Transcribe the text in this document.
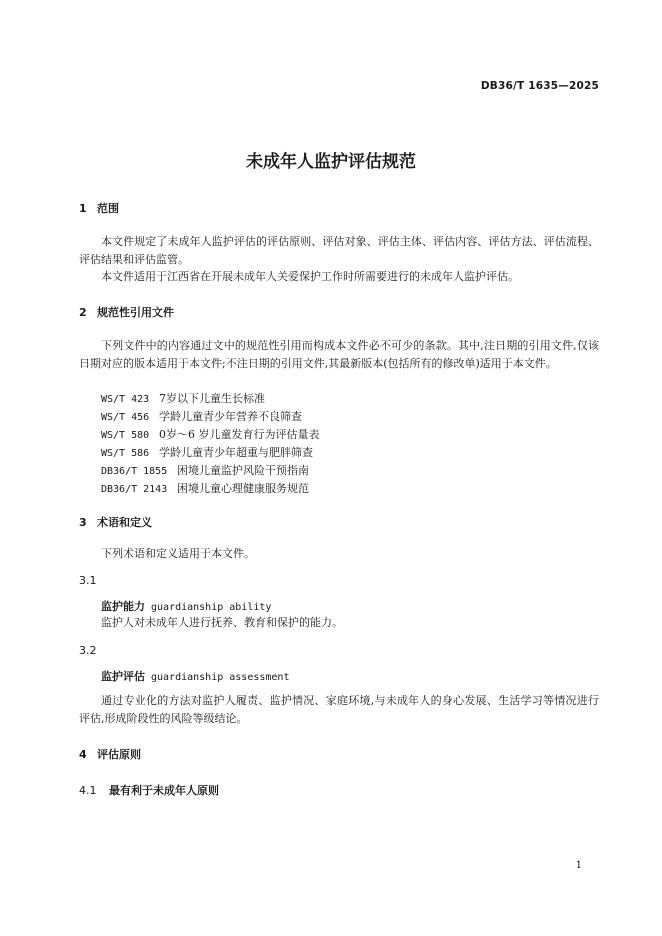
DB36/T 1635—2025
未成年人监护评估规范
1 范围
本文件规定了未成年人监护评估的评估原则、评估对象、评估主体、评估内容、评估方法、评估流程、评估结果和评估监管。
本文件适用于江西省在开展未成年人关爱保护工作时所需要进行的未成年人监护评估。
2 规范性引用文件
下列文件中的内容通过文中的规范性引用而构成本文件必不可少的条款。其中,注日期的引用文件,仅该日期对应的版本适用于本文件;不注日期的引用文件,其最新版本(包括所有的修改单)适用于本文件。
WS/T 423 7岁以下儿童生长标准
WS/T 456 学龄儿童青少年营养不良筛查
WS/T 580 0岁～6 岁儿童发育行为评估量表
WS/T 586 学龄儿童青少年超重与肥胖筛查
DB36/T 1855 困境儿童监护风险干预指南
DB36/T 2143 困境儿童心理健康服务规范
3 术语和定义
下列术语和定义适用于本文件。
3.1
监护能力 guardianship ability
监护人对未成年人进行抚养、教育和保护的能力。
3.2
监护评估 guardianship assessment
通过专业化的方法对监护人履责、监护情况、家庭环境,与未成年人的身心发展、生活学习等情况进行评估,形成阶段性的风险等级结论。
4 评估原则
4.1 最有利于未成年人原则
1
